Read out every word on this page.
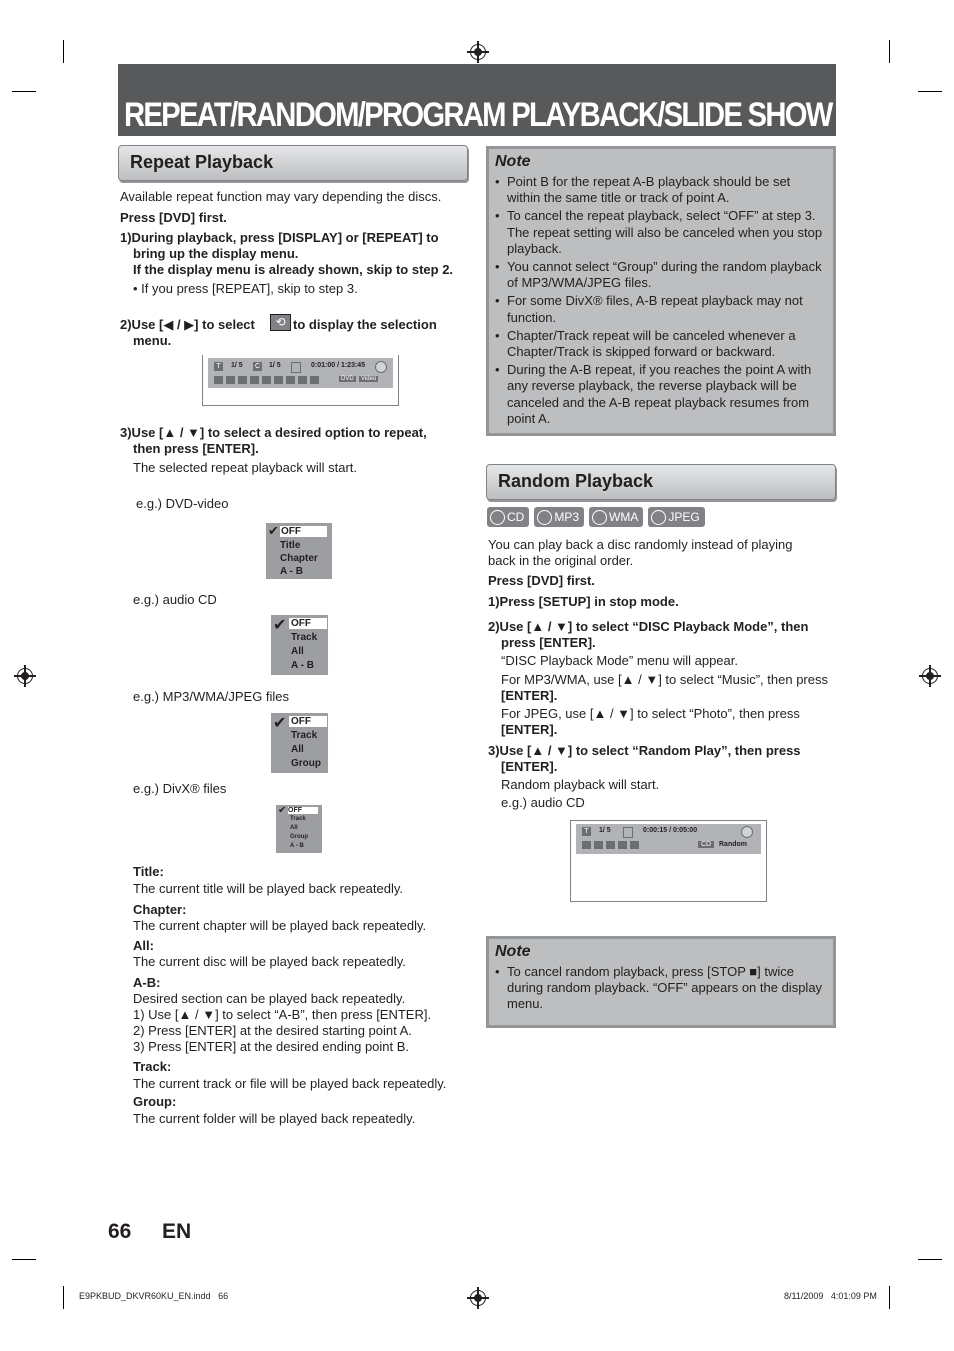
REPEAT/RANDOM/PROGRAM PLAYBACK/SLIDE SHOW
Repeat Playback
Available repeat function may vary depending the discs.
Press [DVD] first.
1)During playback, press [DISPLAY] or [REPEAT] to
bring up the display menu.
If the display menu is already shown, skip to step 2.
• If you press [REPEAT], skip to step 3.
2)Use [◀ / ▶] to select	⟲ to display the selection
menu.
T	1/ 5 C 1/ 5	0:01:00 / 1:23:45
DVD	Video
3)Use [▲ / ▼] to select a desired option to repeat,
then press [ENTER].
The selected repeat playback will start.
e.g.) DVD-video
✔ OFF
Title
Chapter
A - B
e.g.) audio CD
✔ OFF
Track
All
A - B
e.g.) MP3/WMA/JPEG files
✔ OFF
Track
All
Group
e.g.) DivX® files
✔ OFF
Track
All
Group
A - B
Title:
The current title will be played back repeatedly.
Chapter:
The current chapter will be played back repeatedly.
All:
The current disc will be played back repeatedly.
A-B:
Desired section can be played back repeatedly.
1) Use [▲ / ▼] to select “A-B”, then press [ENTER].
2) Press [ENTER] at the desired starting point A.
3) Press [ENTER] at the desired ending point B.
Track:
The current track or file will be played back repeatedly.
Group:
The current folder will be played back repeatedly.
Note
• Point B for the repeat A-B playback should be set within the same title or track of point A.
• To cancel the repeat playback, select “OFF” at step 3. The repeat setting will also be canceled when you stop playback.
• You cannot select “Group” during the random playback of MP3/WMA/JPEG files.
• For some DivX® files, A-B repeat playback may not function.
• Chapter/Track repeat will be canceled whenever a Chapter/Track is skipped forward or backward.
• During the A-B repeat, if you reaches the point A with any reverse playback, the reverse playback will be canceled and the A-B repeat playback resumes from point A.
Random Playback
CD	MP3	WMA	JPEG
You can play back a disc randomly instead of playing
back in the original order.
Press [DVD] first.
1)Press [SETUP] in stop mode.
2)Use [▲ / ▼] to select “DISC Playback Mode”, then
press [ENTER].
“DISC Playback Mode” menu will appear.
For MP3/WMA, use [▲ / ▼] to select “Music”, then press
[ENTER].
For JPEG, use [▲ / ▼] to select “Photo”, then press
[ENTER].
3)Use [▲ / ▼] to select “Random Play”, then press
[ENTER].
Random playback will start.
e.g.) audio CD
T	1/ 5	0:00:15 / 0:05:00
CD	Random
Note
• To cancel random playback, press [STOP ■] twice during random playback. “OFF” appears on the display menu.
66 EN
E9PKBUD_DKVR60KU_EN.indd   66	8/11/2009   4:01:09 PM
